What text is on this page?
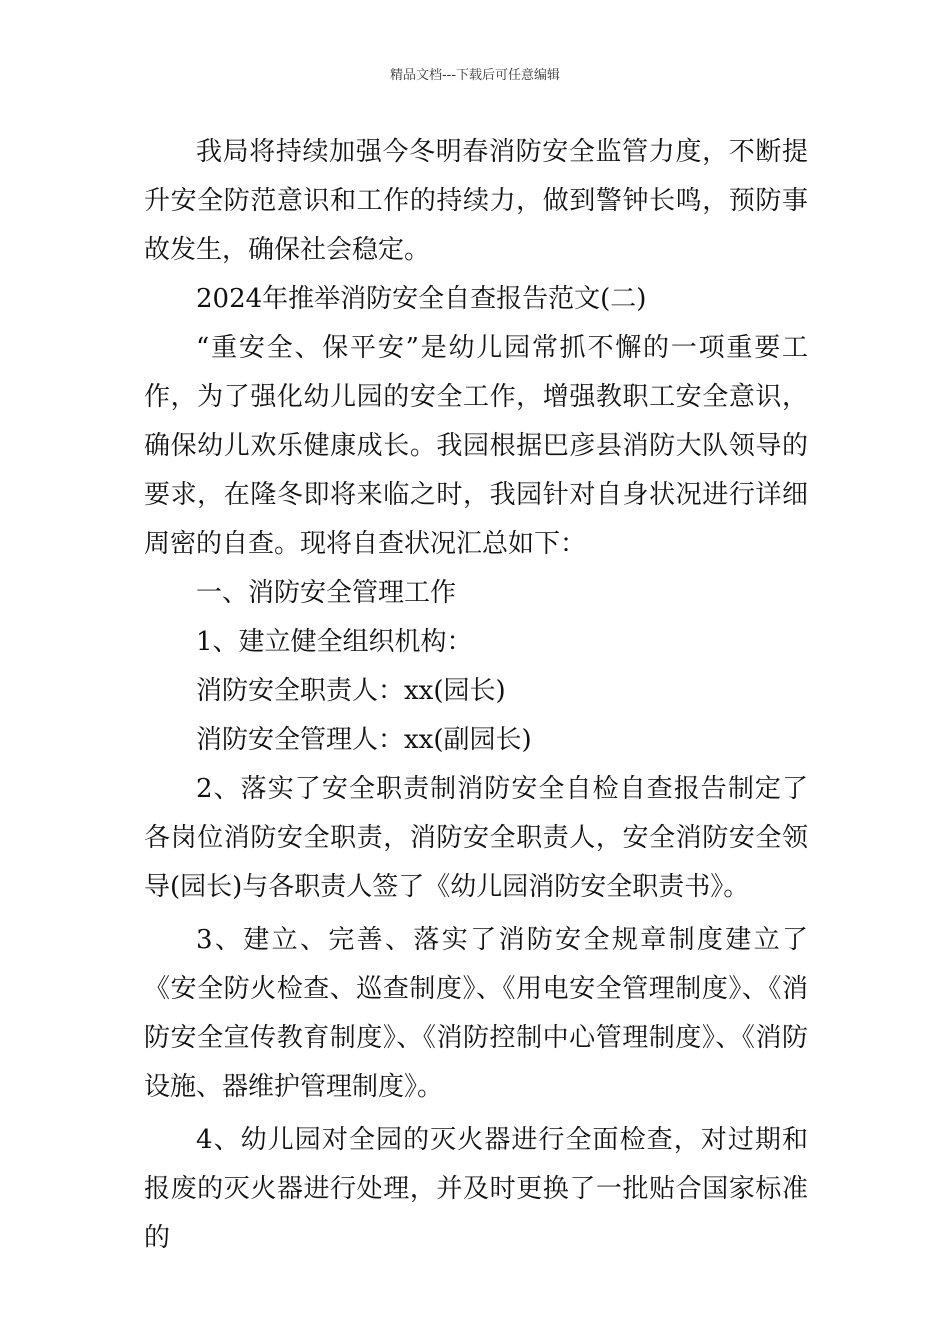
精品文档---下载后可任意编辑

我局将持续加强今冬明春消防安全监管力度，不断提升安全防范意识和工作的持续力，做到警钟长鸣，预防事故发生，确保社会稳定。

2024年推举消防安全自查报告范文(二)

“重安全、保平安”是幼儿园常抓不懈的一项重要工作，为了强化幼儿园的安全工作，增强教职工安全意识，确保幼儿欢乐健康成长。我园根据巴彦县消防大队领导的要求，在隆冬即将来临之时，我园针对自身状况进行详细周密的自查。现将自查状况汇总如下：

一、消防安全管理工作

1、建立健全组织机构：

消防安全职责人：xx(园长)

消防安全管理人：xx(副园长)

2、落实了安全职责制消防安全自检自查报告制定了各岗位消防安全职责，消防安全职责人，安全消防安全领导(园长)与各职责人签了《幼儿园消防安全职责书》。

3、建立、完善、落实了消防安全规章制度建立了《安全防火检查、巡查制度》、《用电安全管理制度》、《消防安全宣传教育制度》、《消防控制中心管理制度》、《消防设施、器维护管理制度》。

4、幼儿园对全园的灭火器进行全面检查，对过期和报废的灭火器进行处理，并及时更换了一批贴合国家标准的
